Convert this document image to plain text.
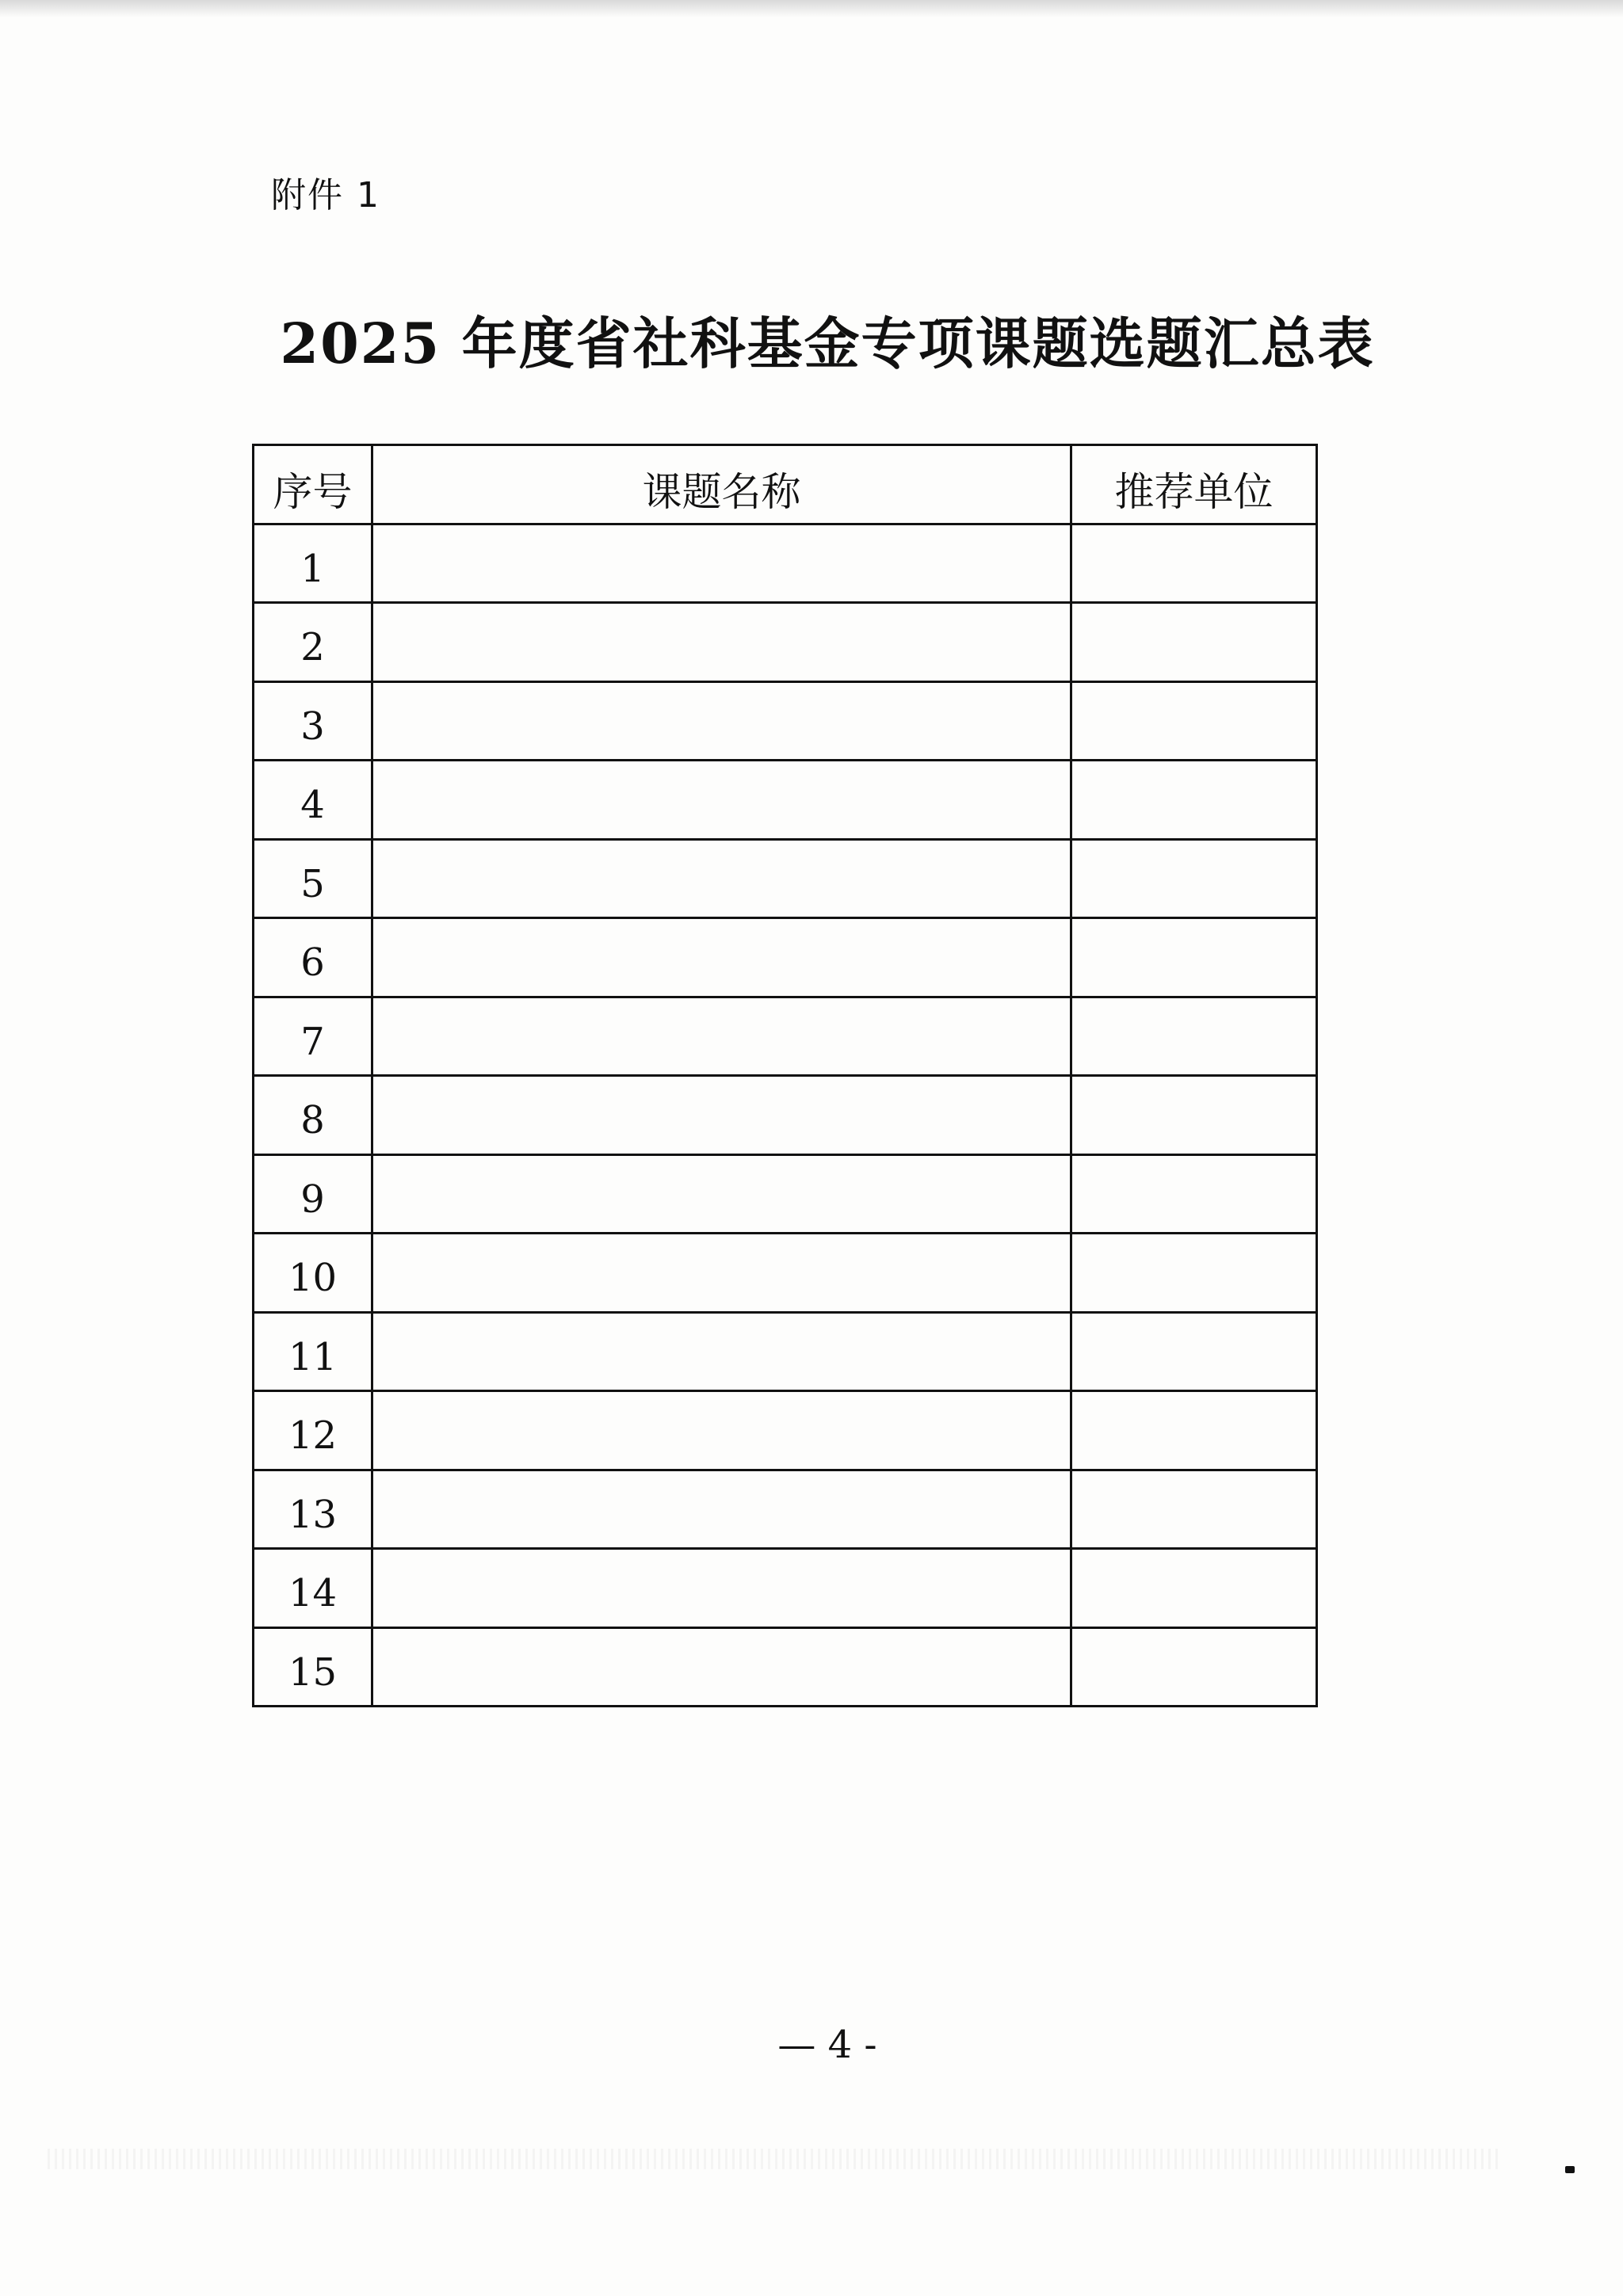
附件 1
2025 年度省社科基金专项课题选题汇总表
序号	课题名称	推荐单位
1		
2		
3		
4		
5		
6		
7		
8		
9		
10		
11		
12		
13		
14		
15		
— 4 -
